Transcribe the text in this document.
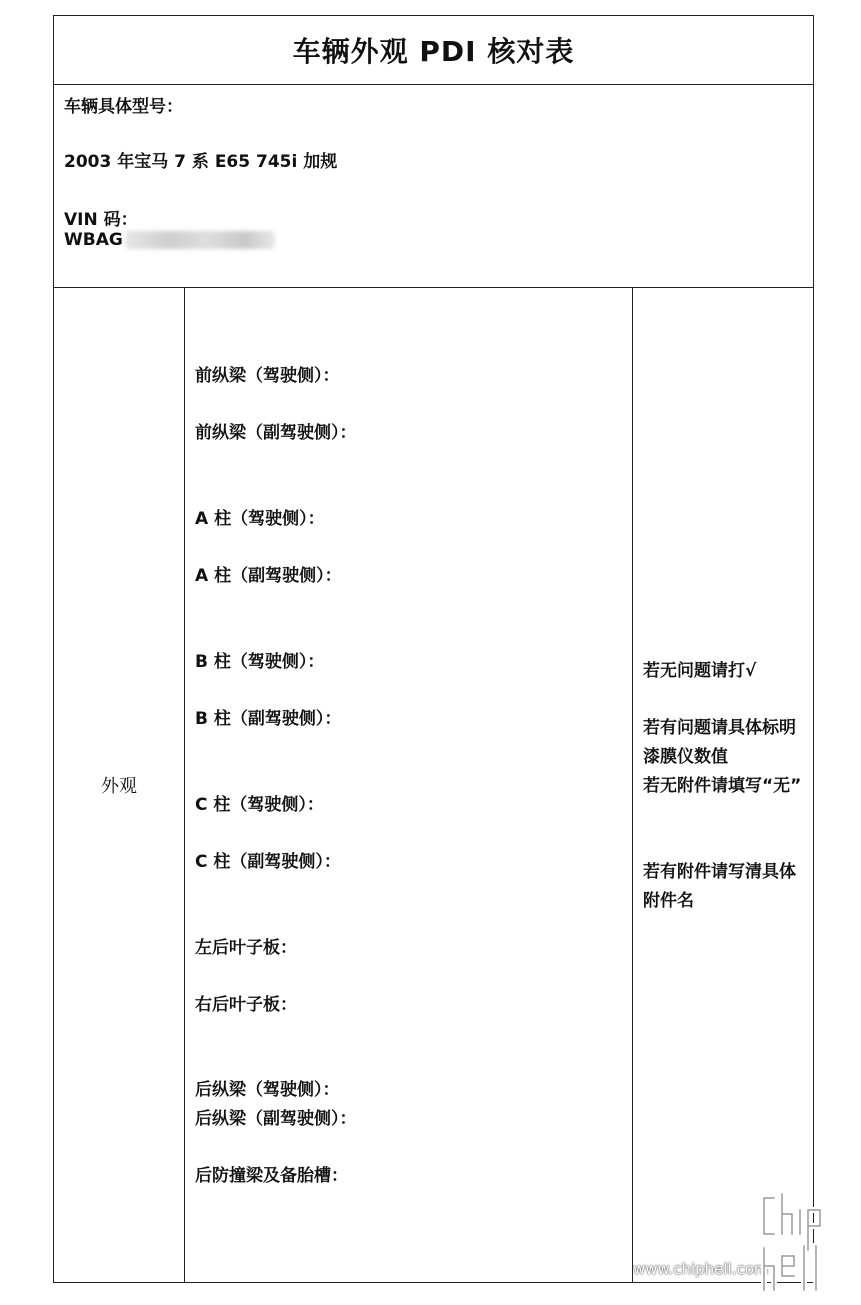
车辆外观 PDI 核对表
车辆具体型号：
2003 年宝马 7 系 E65 745i 加规
VIN 码：
WBAG
外观
前纵梁（驾驶侧）：
前纵梁（副驾驶侧）：
A 柱（驾驶侧）：
A 柱（副驾驶侧）：
B 柱（驾驶侧）：
B 柱（副驾驶侧）：
C 柱（驾驶侧）：
C 柱（副驾驶侧）：
左后叶子板：
右后叶子板：
后纵梁（驾驶侧）：
后纵梁（副驾驶侧）：
后防撞梁及备胎槽：
若无问题请打√
若有问题请具体标明漆膜仪数值
若无附件请填写“无”
若有附件请写清具体附件名
www.chiphell.com
